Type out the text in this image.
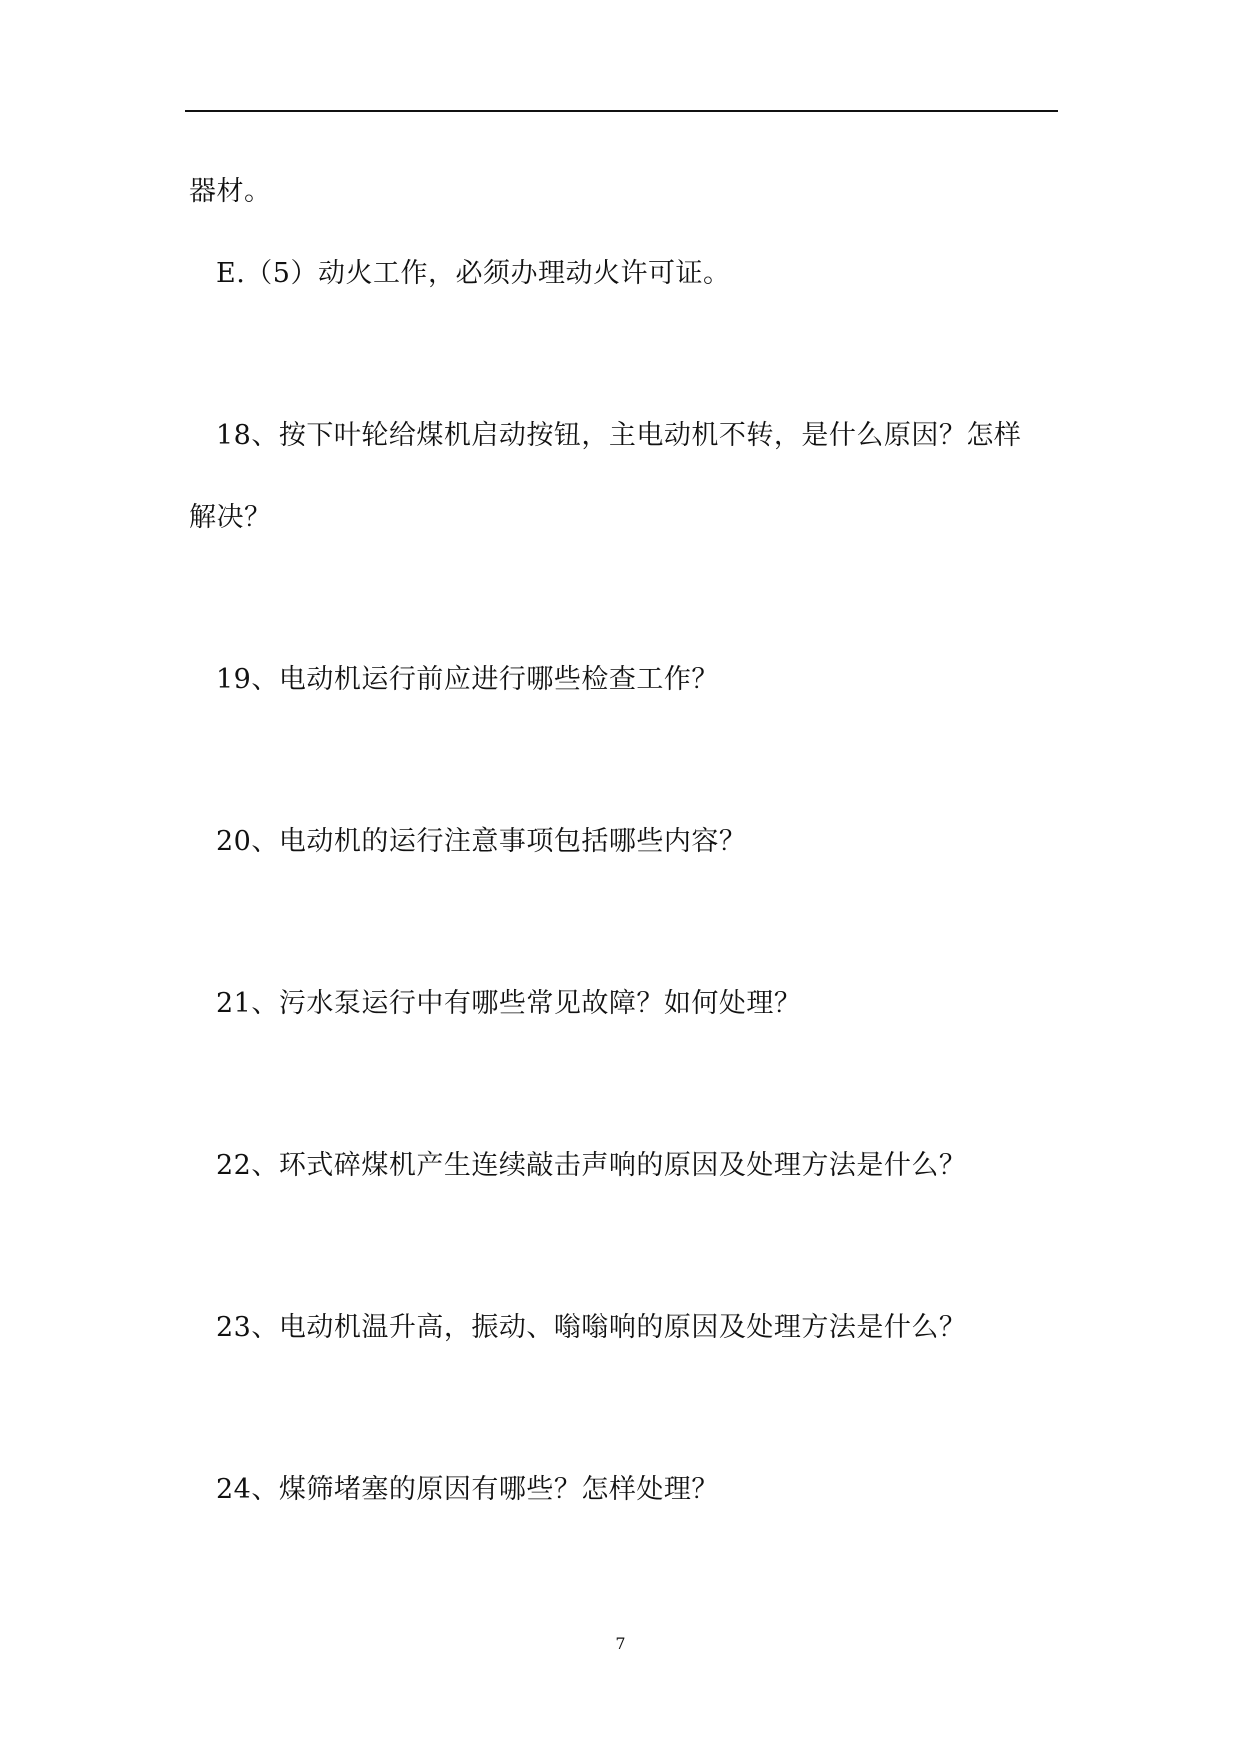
器材。

E.（5）动火工作，必须办理动火许可证。

18、按下叶轮给煤机启动按钮，主电动机不转，是什么原因？怎样

解决？

19、电动机运行前应进行哪些检查工作？

20、电动机的运行注意事项包括哪些内容？

21、污水泵运行中有哪些常见故障？如何处理？

22、环式碎煤机产生连续敲击声响的原因及处理方法是什么？

23、电动机温升高，振动、嗡嗡响的原因及处理方法是什么？

24、煤筛堵塞的原因有哪些？怎样处理？

7
